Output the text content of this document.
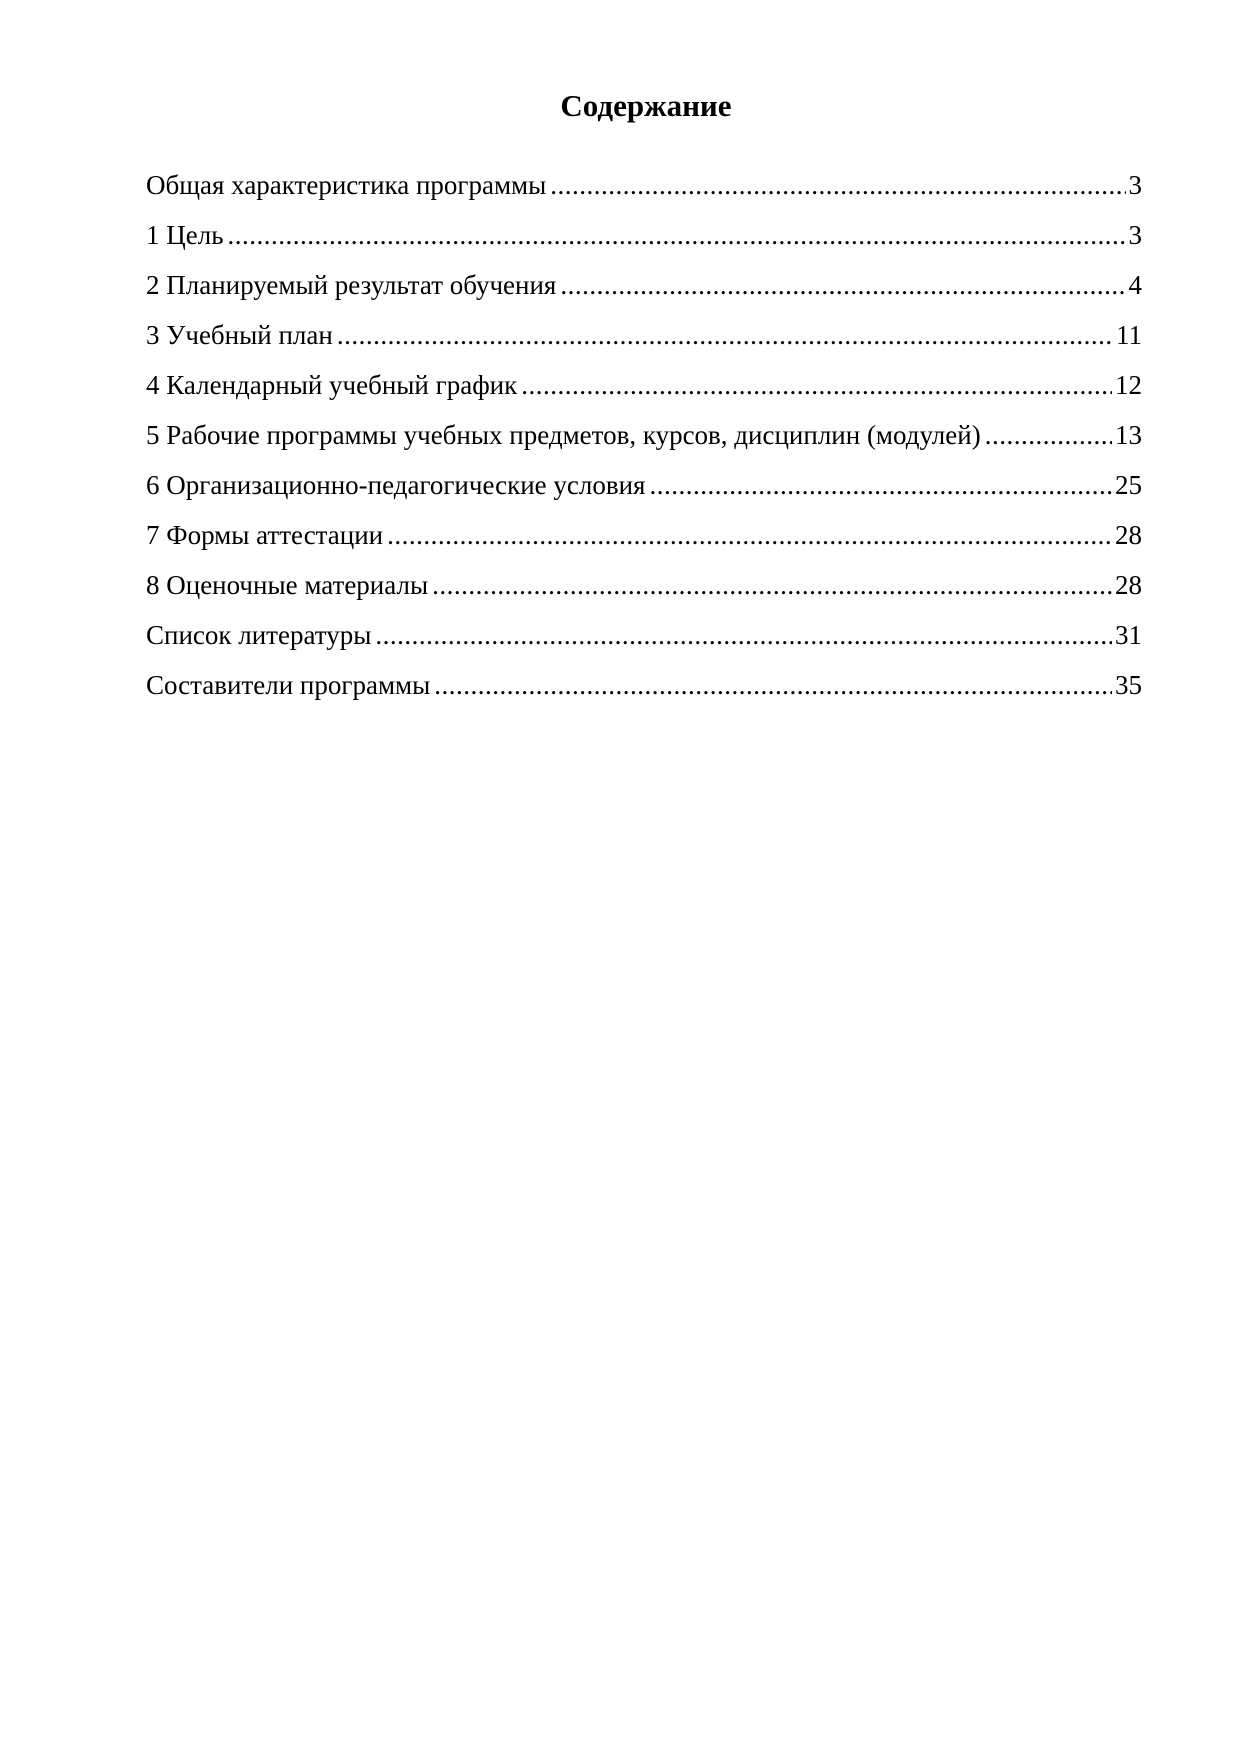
Содержание
Общая характеристика программы .....	3
1 Цель .....	3
2 Планируемый результат обучения .....	4
3 Учебный план .....	11
4 Календарный учебный график .....	12
5 Рабочие программы учебных предметов, курсов, дисциплин (модулей) .....	13
6 Организационно-педагогические условия .....	25
7 Формы аттестации .....	28
8 Оценочные материалы .....	28
Список литературы .....	31
Составители программы .....	35
